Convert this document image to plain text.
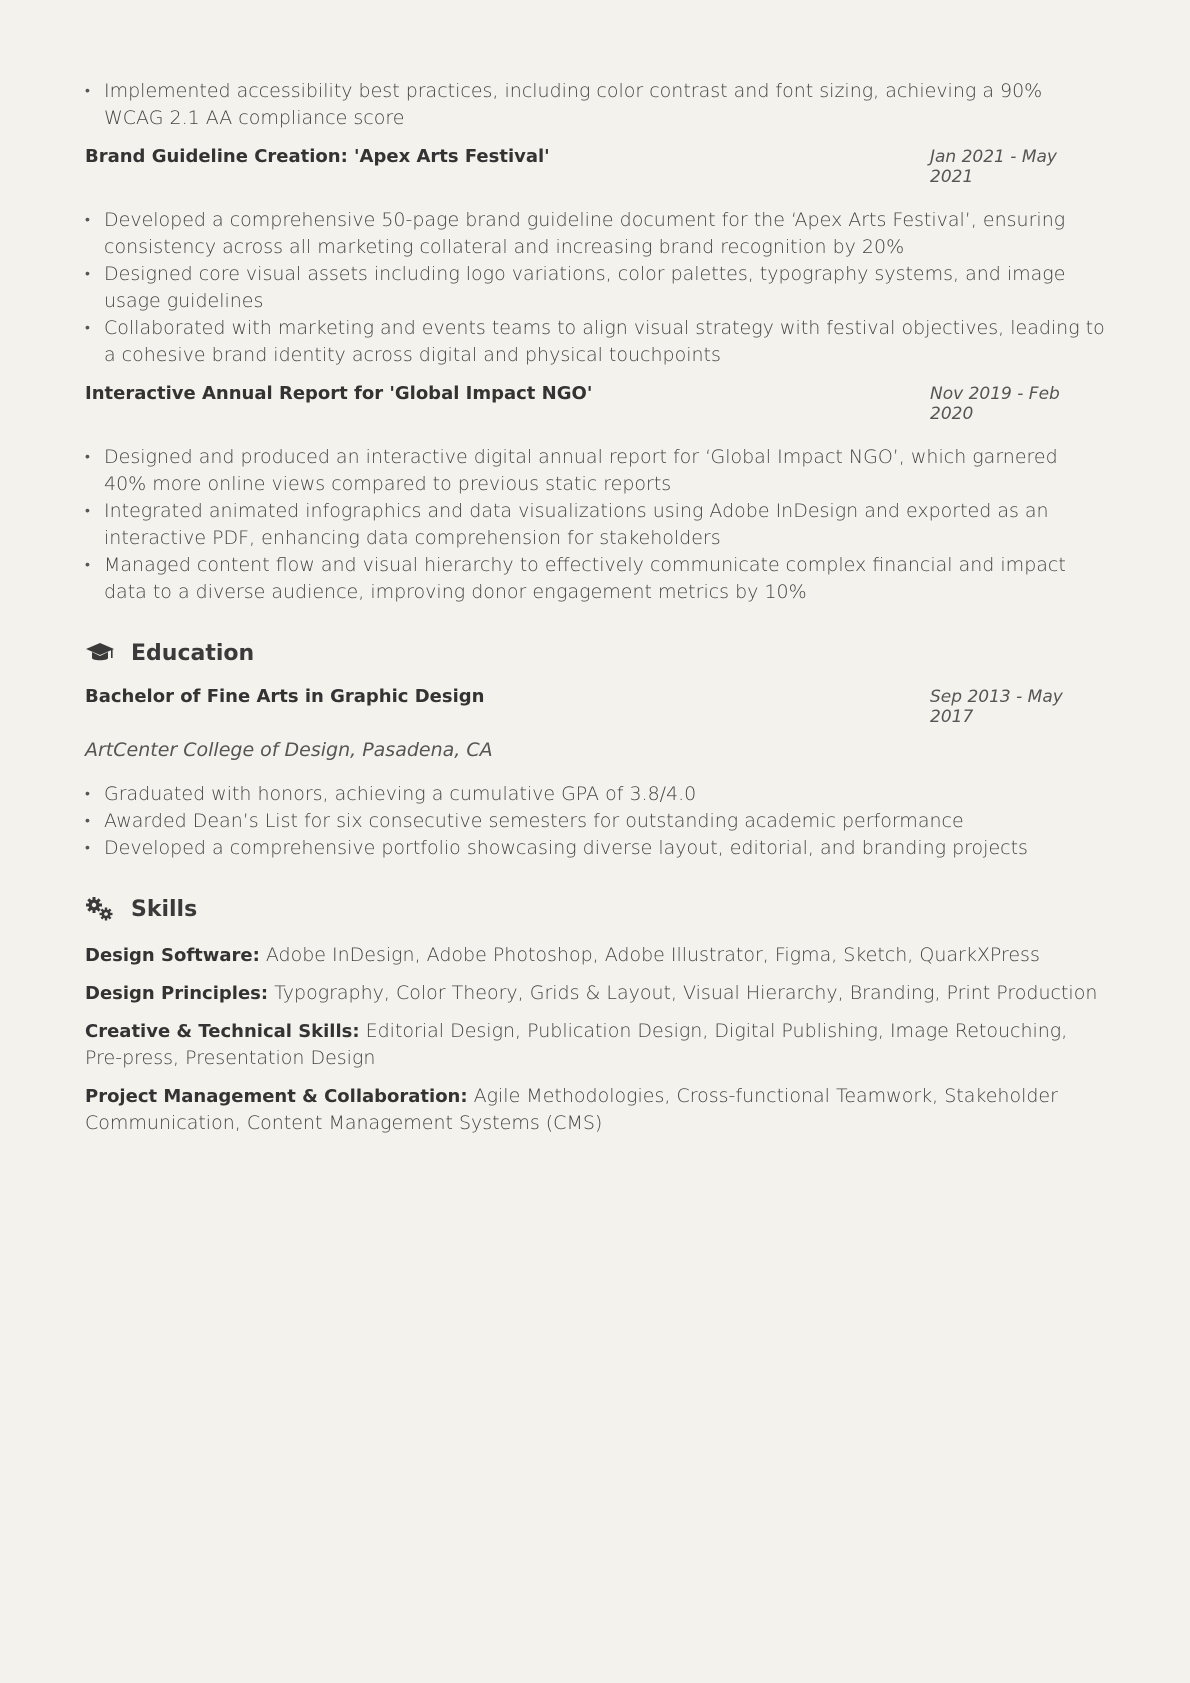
• Implemented accessibility best practices, including color contrast and font sizing, achieving a 90% WCAG 2.1 AA compliance score
Brand Guideline Creation: 'Apex Arts Festival'	Jan 2021 - May 2021
• Developed a comprehensive 50-page brand guideline document for the ‘Apex Arts Festival’, ensuring consistency across all marketing collateral and increasing brand recognition by 20%
• Designed core visual assets including logo variations, color palettes, typography systems, and image usage guidelines
• Collaborated with marketing and events teams to align visual strategy with festival objectives, leading to a cohesive brand identity across digital and physical touchpoints
Interactive Annual Report for 'Global Impact NGO'	Nov 2019 - Feb 2020
• Designed and produced an interactive digital annual report for ‘Global Impact NGO’, which garnered 40% more online views compared to previous static reports
• Integrated animated infographics and data visualizations using Adobe InDesign and exported as an interactive PDF, enhancing data comprehension for stakeholders
• Managed content flow and visual hierarchy to effectively communicate complex financial and impact data to a diverse audience, improving donor engagement metrics by 10%
Education
Bachelor of Fine Arts in Graphic Design	Sep 2013 - May 2017
ArtCenter College of Design, Pasadena, CA
• Graduated with honors, achieving a cumulative GPA of 3.8/4.0
• Awarded Dean’s List for six consecutive semesters for outstanding academic performance
• Developed a comprehensive portfolio showcasing diverse layout, editorial, and branding projects
Skills
Design Software: Adobe InDesign, Adobe Photoshop, Adobe Illustrator, Figma, Sketch, QuarkXPress
Design Principles: Typography, Color Theory, Grids & Layout, Visual Hierarchy, Branding, Print Production
Creative & Technical Skills: Editorial Design, Publication Design, Digital Publishing, Image Retouching, Pre-press, Presentation Design
Project Management & Collaboration: Agile Methodologies, Cross-functional Teamwork, Stakeholder Communication, Content Management Systems (CMS)
